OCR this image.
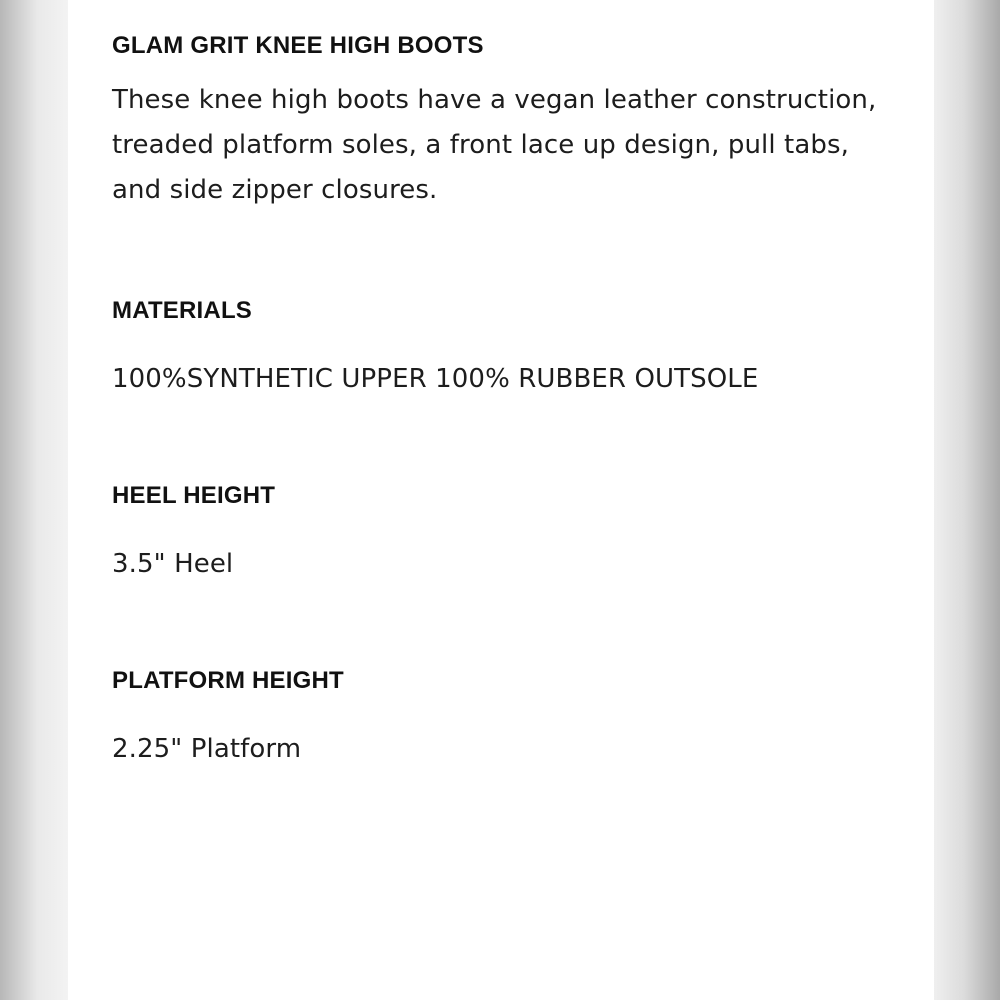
GLAM GRIT KNEE HIGH BOOTS

These knee high boots have a vegan leather construction, treaded platform soles, a front lace up design, pull tabs, and side zipper closures.

MATERIALS

100%SYNTHETIC UPPER 100% RUBBER OUTSOLE

HEEL HEIGHT

3.5" Heel

PLATFORM HEIGHT

2.25" Platform
